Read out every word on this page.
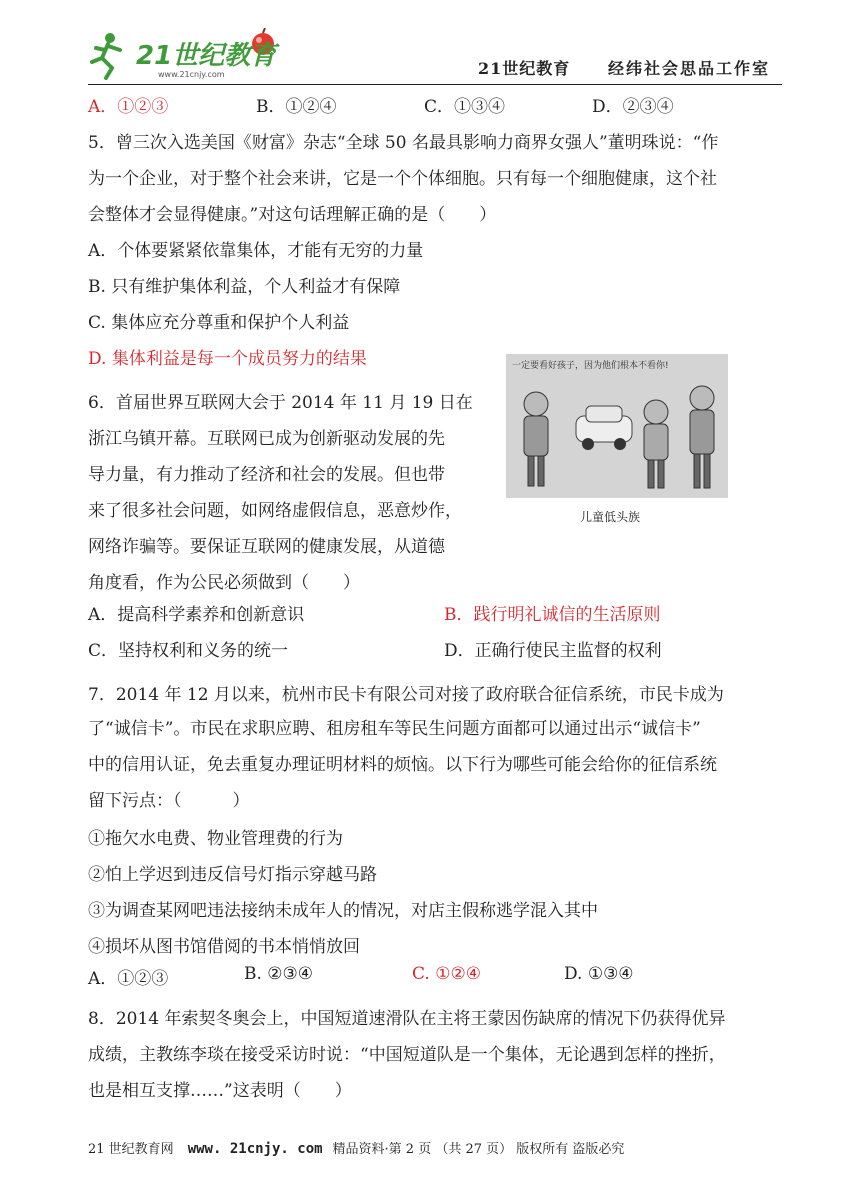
21世纪教育
www.21cnjy.com	21世纪教育 经纬社会思品工作室
A．①②③	B．①②④	C．①③④	D．②③④
5．曾三次入选美国《财富》杂志“全球 50 名最具影响力商界女强人”董明珠说：“作
为一个企业，对于整个社会来讲，它是一个个体细胞。只有每一个细胞健康，这个社
会整体才会显得健康。”对这句话理解正确的是（　　）
A．个体要紧紧依靠集体，才能有无穷的力量
B. 只有维护集体利益，个人利益才有保障
C. 集体应充分尊重和保护个人利益
D. 集体利益是每一个成员努力的结果
6．首届世界互联网大会于 2014 年 11 月 19 日在
浙江乌镇开幕。互联网已成为创新驱动发展的先
导力量，有力推动了经济和社会的发展。但也带
来了很多社会问题，如网络虚假信息，恶意炒作，
网络诈骗等。要保证互联网的健康发展，从道德
角度看，作为公民必须做到（　　）
一定要看好孩子，因为他们根本不看你!
儿童低头族
A．提高科学素养和创新意识	B．践行明礼诚信的生活原则
C．坚持权利和义务的统一	D．正确行使民主监督的权利
7．2014 年 12 月以来，杭州市民卡有限公司对接了政府联合征信系统，市民卡成为
了“诚信卡”。市民在求职应聘、租房租车等民生问题方面都可以通过出示“诚信卡”
中的信用认证，免去重复办理证明材料的烦恼。以下行为哪些可能会给你的征信系统
留下污点：（　　　）
①拖欠水电费、物业管理费的行为
②怕上学迟到违反信号灯指示穿越马路
③为调查某网吧违法接纳未成年人的情况，对店主假称逃学混入其中
④损坏从图书馆借阅的书本悄悄放回
A．①②③	B. ②③④	C. ①②④	D. ①③④
8．2014 年索契冬奥会上，中国短道速滑队在主将王蒙因伤缺席的情况下仍获得优异
成绩，主教练李琰在接受采访时说：“中国短道队是一个集体，无论遇到怎样的挫折，
也是相互支撑……”这表明（　　）
21 世纪教育网 www. 21cnjy. com 精品资料·第 2 页 （共 27 页） 版权所有 盗版必究
